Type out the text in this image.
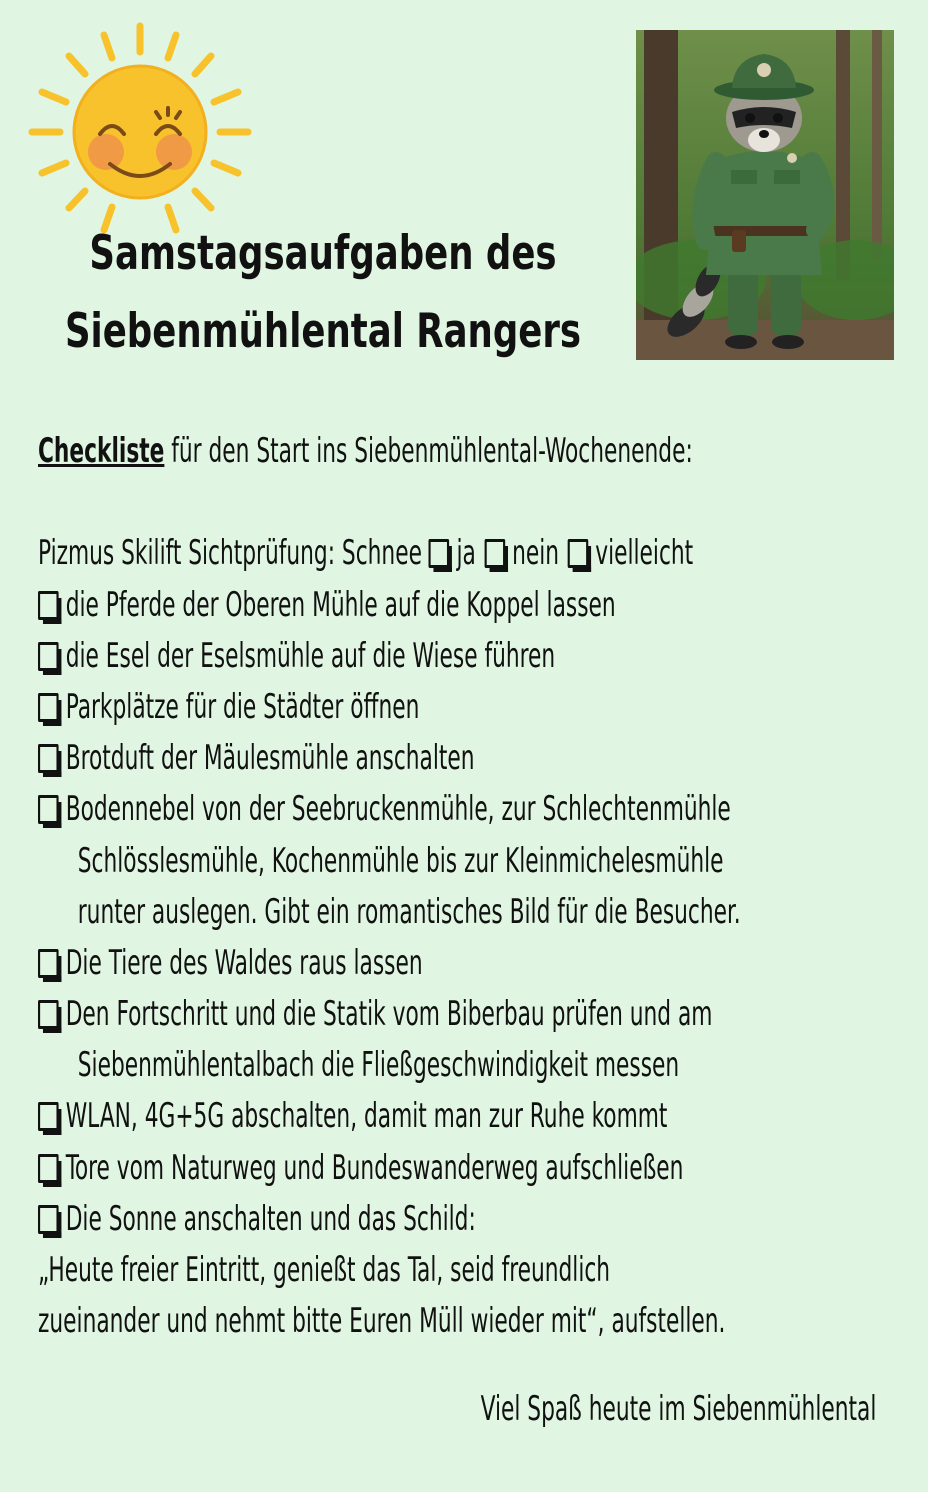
Samstagsaufgaben des
Siebenmühlental Rangers
Checkliste für den Start ins Siebenmühlental-Wochenende:
Pizmus Skilift Sichtprüfung: Schnee ja nein vielleicht
die Pferde der Oberen Mühle auf die Koppel lassen
die Esel der Eselsmühle auf die Wiese führen
Parkplätze für die Städter öffnen
Brotduft der Mäulesmühle anschalten
Bodennebel von der Seebruckenmühle, zur Schlechtenmühle
Schlösslesmühle, Kochenmühle bis zur Kleinmichelesmühle
runter auslegen. Gibt ein romantisches Bild für die Besucher.
Die Tiere des Waldes raus lassen
Den Fortschritt und die Statik vom Biberbau prüfen und am
Siebenmühlentalbach die Fließgeschwindigkeit messen
WLAN, 4G+5G abschalten, damit man zur Ruhe kommt
Tore vom Naturweg und Bundeswanderweg aufschließen
Die Sonne anschalten und das Schild:
„Heute freier Eintritt, genießt das Tal, seid freundlich
zueinander und nehmt bitte Euren Müll wieder mit“, aufstellen.
Viel Spaß heute im Siebenmühlental
